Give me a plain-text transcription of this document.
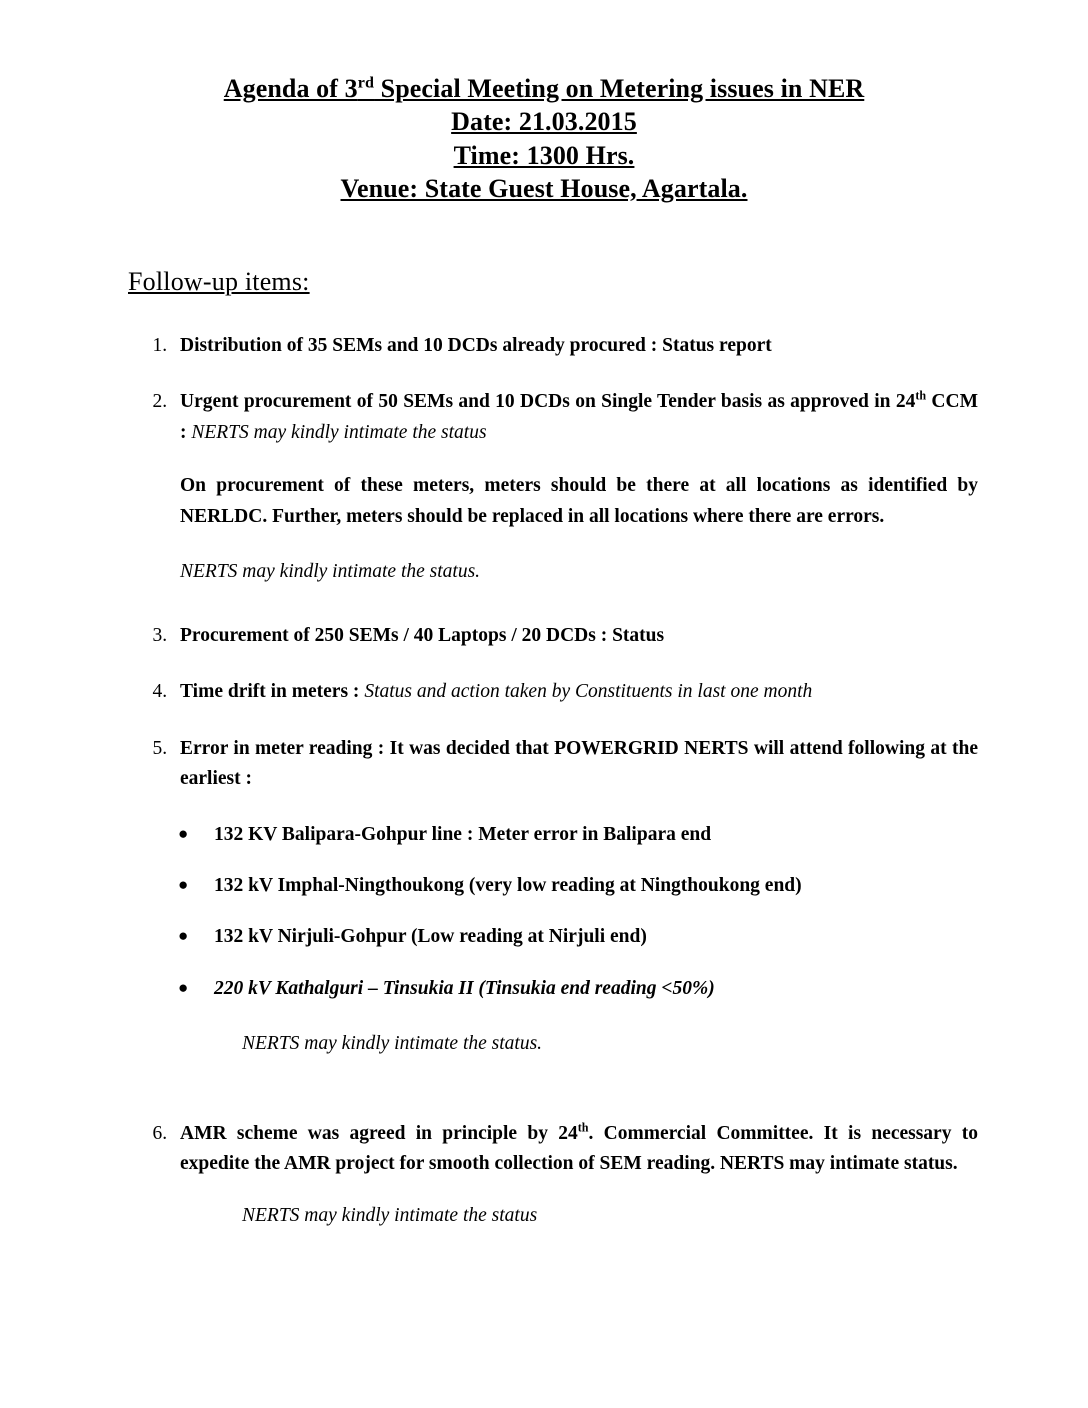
Agenda of 3rd Special Meeting on Metering issues in NER
Date: 21.03.2015
Time: 1300 Hrs.
Venue: State Guest House, Agartala.
Follow-up items:
1. Distribution of 35 SEMs and 10 DCDs already procured : Status report
2. Urgent procurement of 50 SEMs and 10 DCDs on Single Tender basis as approved in 24th CCM : NERTS may kindly intimate the status
On procurement of these meters, meters should be there at all locations as identified by NERLDC. Further, meters should be replaced in all locations where there are errors.
NERTS may kindly intimate the status.
3. Procurement of 250 SEMs / 40 Laptops / 20 DCDs : Status
4. Time drift in meters : Status and action taken by Constituents in last one month
5. Error in meter reading : It was decided that POWERGRID NERTS will attend following at the earliest :
● 132 KV Balipara-Gohpur line : Meter error in Balipara end
● 132 kV Imphal-Ningthoukong (very low reading at Ningthoukong end)
● 132 kV Nirjuli-Gohpur (Low reading at Nirjuli end)
● 220 kV Kathalguri – Tinsukia II (Tinsukia end reading <50%)
NERTS may kindly intimate the status.
6. AMR scheme was agreed in principle by 24th. Commercial Committee. It is necessary to expedite the AMR project for smooth collection of SEM reading. NERTS may intimate status.
NERTS may kindly intimate the status
